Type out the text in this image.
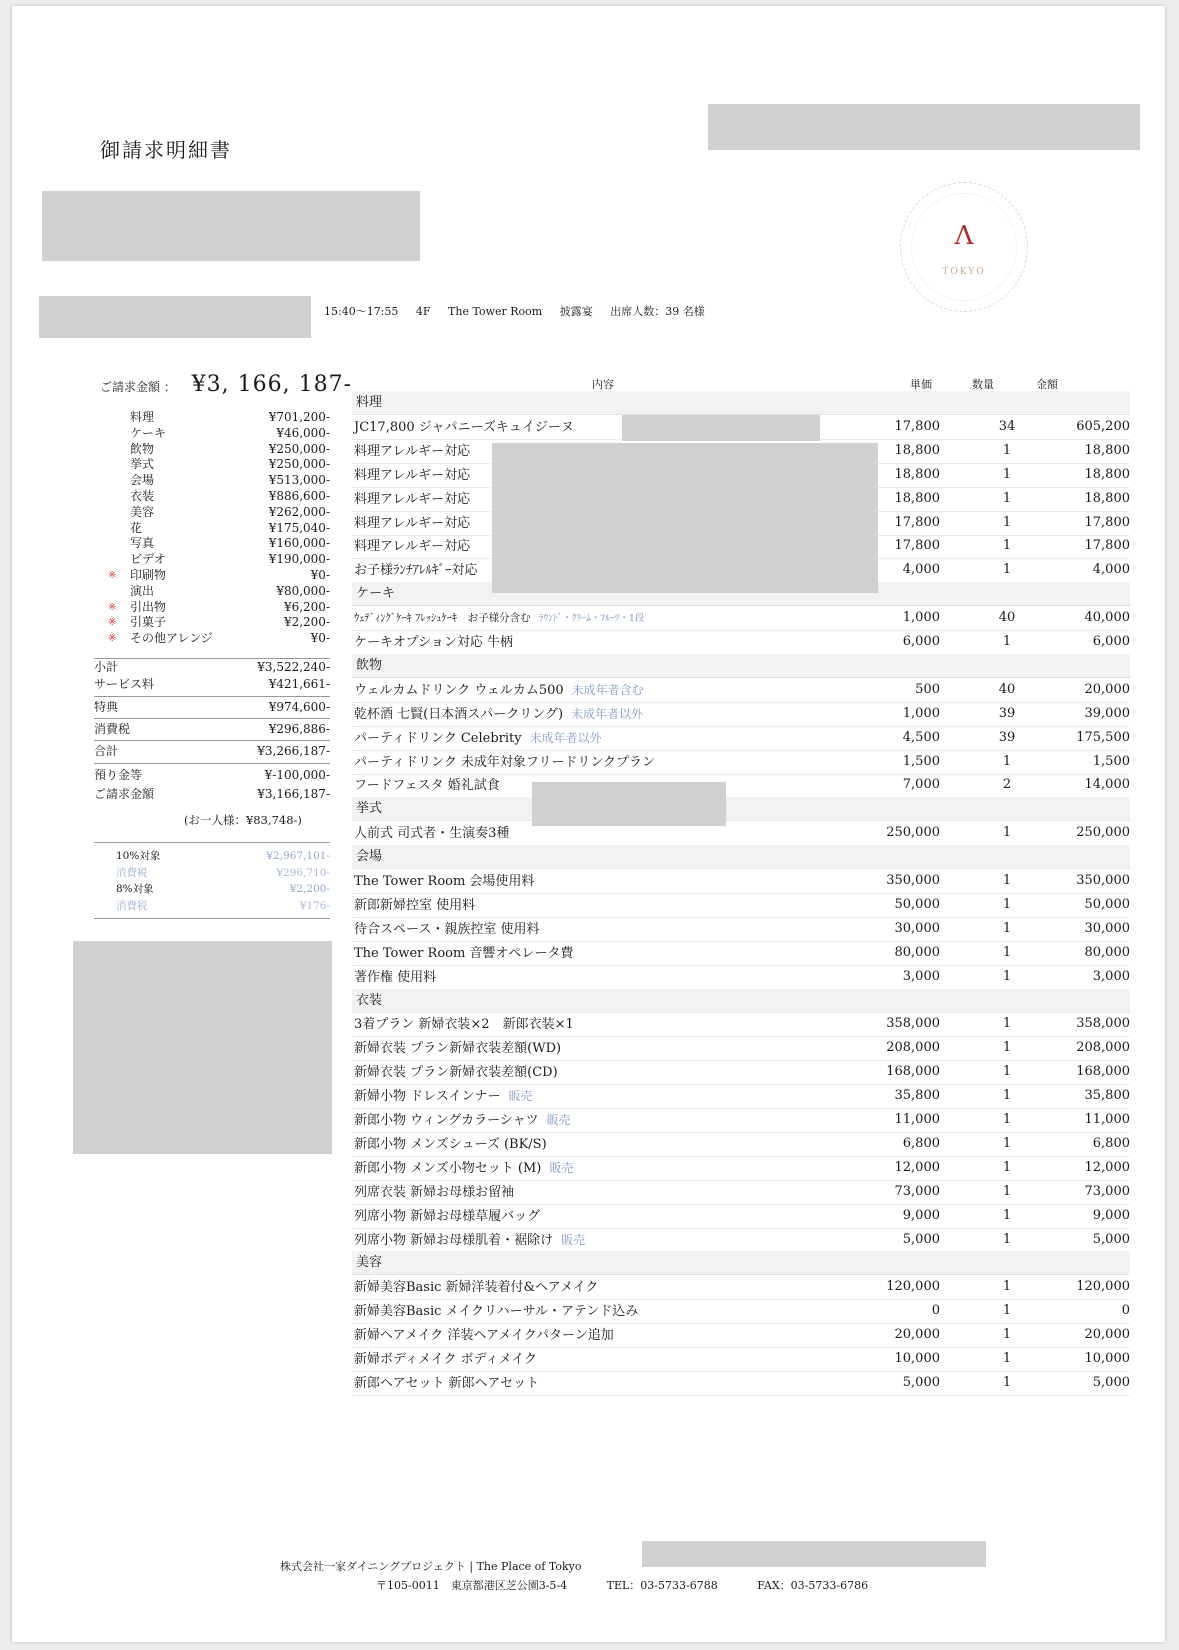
御請求明細書
Λ
TOKYO
15:40〜17:55 4F The Tower Room 披露宴 出席人数：39 名様
ご請求金額 ： ¥3, 166, 187-
料理	¥701,200-
ケーキ	¥46,000-
飲物	¥250,000-
挙式	¥250,000-
会場	¥513,000-
衣装	¥886,600-
美容	¥262,000-
花	¥175,040-
写真	¥160,000-
ビデオ	¥190,000-
※ 印刷物	¥0-
演出	¥80,000-
※ 引出物	¥6,200-
※ 引菓子	¥2,200-
※ その他アレンジ	¥0-
小計	¥3,522,240-
サービス料	¥421,661-
特典	¥974,600-
消費税	¥296,886-
合計	¥3,266,187-
預り金等	¥-100,000-
ご請求金額	¥3,166,187-
(お一人様：¥83,748-)
10%対象	¥2,967,101-
消費税	¥296,710-
8%対象	¥2,200-
消費税	¥176-
内容	単価	数量	金額
料理
JC17,800 ジャパニーズキュイジーヌ	17,800	34	605,200
料理アレルギー対応	18,800	1	18,800
料理アレルギー対応	18,800	1	18,800
料理アレルギー対応	18,800	1	18,800
料理アレルギー対応	17,800	1	17,800
料理アレルギー対応	17,800	1	17,800
お子様ﾗﾝﾁｱﾚﾙｷﾞｰ対応	4,000	1	4,000
ケーキ
ｳｪﾃﾞｨﾝｸﾞｹｰｷ ﾌﾚｯｼｭｹｰｷ　お子様分含む ﾗｳﾝﾄﾞ・ｸﾘｰﾑ・ﾌﾙｰﾂ・1段	1,000	40	40,000
ケーキオプション対応 牛柄	6,000	1	6,000
飲物
ウェルカムドリンク ウェルカム500 未成年者含む	500	40	20,000
乾杯酒 七賢(日本酒スパークリング) 未成年者以外	1,000	39	39,000
パーティドリンク Celebrity 未成年者以外	4,500	39	175,500
パーティドリンク 未成年対象フリードリンクプラン	1,500	1	1,500
フードフェスタ 婚礼試食	7,000	2	14,000
挙式
人前式 司式者・生演奏3種	250,000	1	250,000
会場
The Tower Room 会場使用料	350,000	1	350,000
新郎新婦控室 使用料	50,000	1	50,000
待合スペース・親族控室 使用料	30,000	1	30,000
The Tower Room 音響オペレータ費	80,000	1	80,000
著作権 使用料	3,000	1	3,000
衣装
3着プラン 新婦衣装×2　新郎衣装×1	358,000	1	358,000
新婦衣装 プラン新婦衣装差額(WD)	208,000	1	208,000
新婦衣装 プラン新婦衣装差額(CD)	168,000	1	168,000
新婦小物 ドレスインナー 販売	35,800	1	35,800
新郎小物 ウィングカラーシャツ 販売	11,000	1	11,000
新郎小物 メンズシューズ (BK/S)	6,800	1	6,800
新郎小物 メンズ小物セット (M) 販売	12,000	1	12,000
列席衣装 新婦お母様お留袖	73,000	1	73,000
列席小物 新婦お母様草履バッグ	9,000	1	9,000
列席小物 新婦お母様肌着・裾除け 販売	5,000	1	5,000
美容
新婦美容Basic 新婦洋装着付&ヘアメイク	120,000	1	120,000
新婦美容Basic メイクリハーサル・アテンド込み	0	1	0
新婦ヘアメイク 洋装ヘアメイクパターン追加	20,000	1	20,000
新婦ボディメイク ボディメイク	10,000	1	10,000
新郎ヘアセット 新郎ヘアセット	5,000	1	5,000
株式会社一家ダイニングプロジェクト | The Place of Tokyo
〒105-0011　東京都港区芝公園3-5-4	TEL：03-5733-6788	FAX：03-5733-6786
